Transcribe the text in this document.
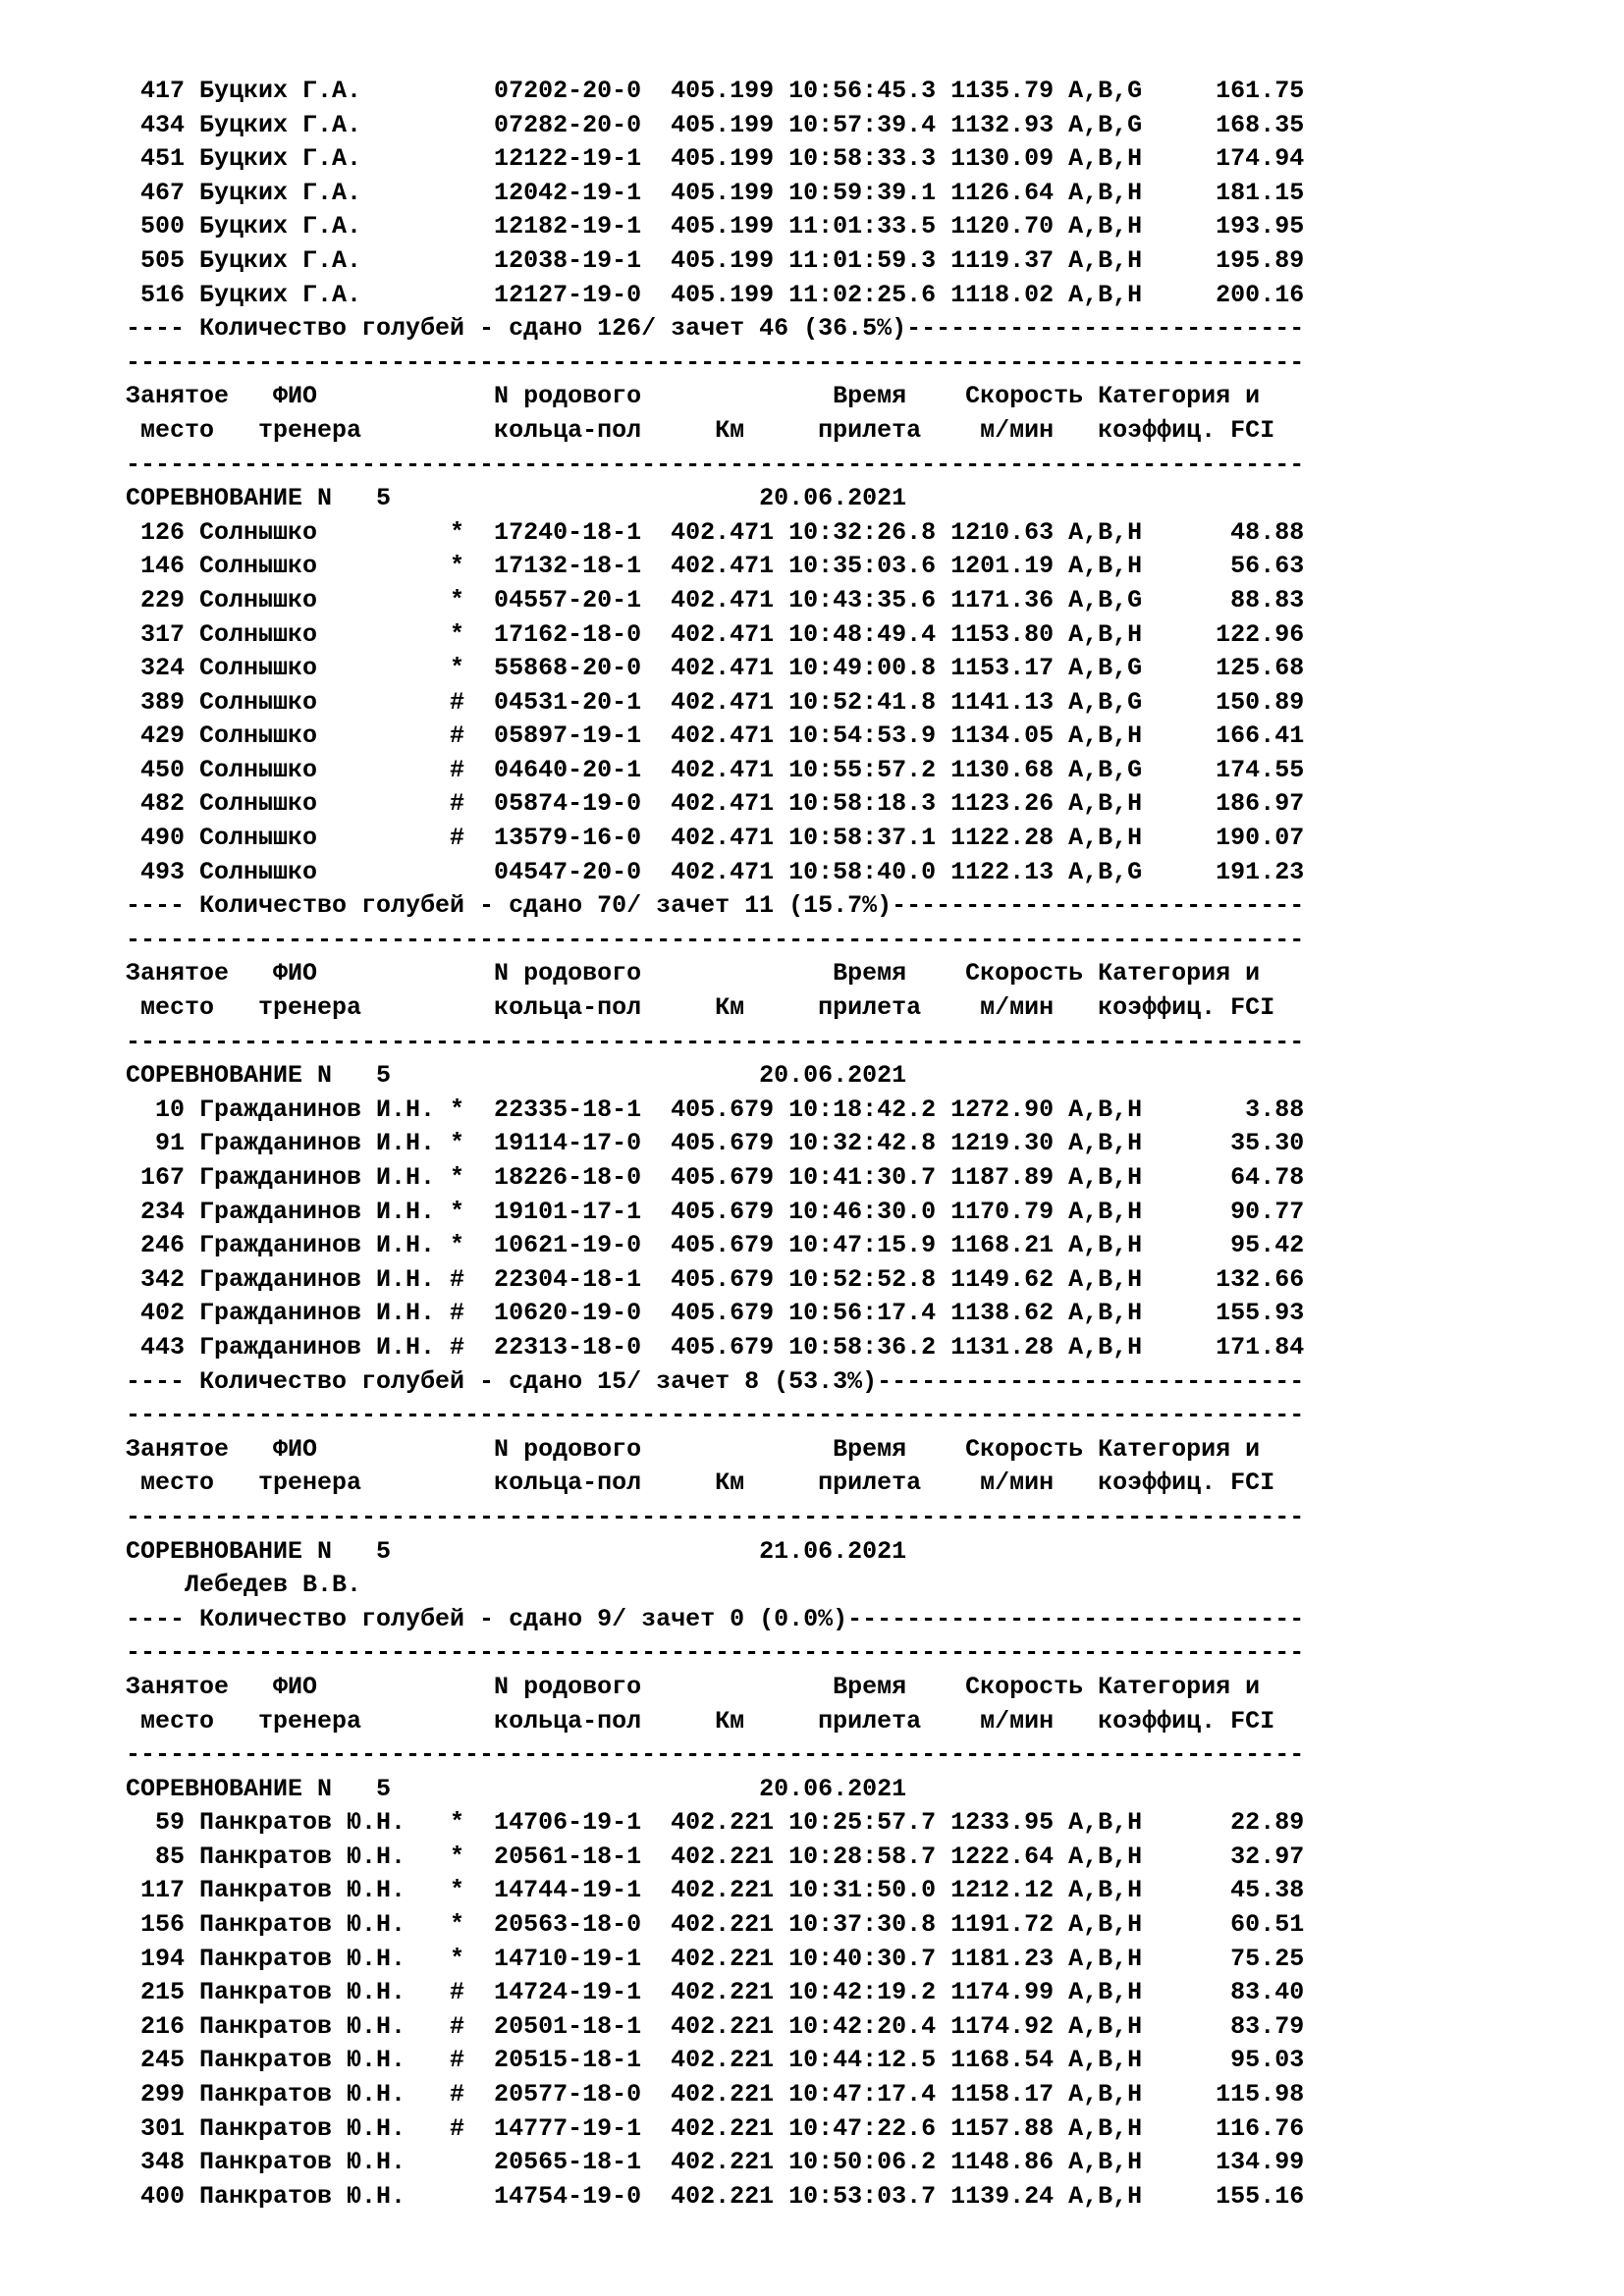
417 Буцких Г.А.         07202-20-0  405.199 10:56:45.3 1135.79 A,B,G     161.75
434 Буцких Г.А.         07282-20-0  405.199 10:57:39.4 1132.93 A,B,G     168.35
451 Буцких Г.А.         12122-19-1  405.199 10:58:33.3 1130.09 A,B,H     174.94
467 Буцких Г.А.         12042-19-1  405.199 10:59:39.1 1126.64 A,B,H     181.15
500 Буцких Г.А.         12182-19-1  405.199 11:01:33.5 1120.70 A,B,H     193.95
505 Буцких Г.А.         12038-19-1  405.199 11:01:59.3 1119.37 A,B,H     195.89
516 Буцких Г.А.         12127-19-0  405.199 11:02:25.6 1118.02 A,B,H     200.16
---- Количество голубей - сдано 126/ зачет 46 (36.5%)---------------------------
--------------------------------------------------------------------------------
Занятое   ФИО            N родового             Время    Скорость Категория и
место   тренера         кольца-пол     Км     прилета    м/мин   коэффиц. FCI
--------------------------------------------------------------------------------
СОРЕВНОВАНИЕ N   5                         20.06.2021
126 Солнышко         *  17240-18-1  402.471 10:32:26.8 1210.63 A,B,H      48.88
146 Солнышко         *  17132-18-1  402.471 10:35:03.6 1201.19 A,B,H      56.63
229 Солнышко         *  04557-20-1  402.471 10:43:35.6 1171.36 A,B,G      88.83
317 Солнышко         *  17162-18-0  402.471 10:48:49.4 1153.80 A,B,H     122.96
324 Солнышко         *  55868-20-0  402.471 10:49:00.8 1153.17 A,B,G     125.68
389 Солнышко         #  04531-20-1  402.471 10:52:41.8 1141.13 A,B,G     150.89
429 Солнышко         #  05897-19-1  402.471 10:54:53.9 1134.05 A,B,H     166.41
450 Солнышко         #  04640-20-1  402.471 10:55:57.2 1130.68 A,B,G     174.55
482 Солнышко         #  05874-19-0  402.471 10:58:18.3 1123.26 A,B,H     186.97
490 Солнышко         #  13579-16-0  402.471 10:58:37.1 1122.28 A,B,H     190.07
493 Солнышко            04547-20-0  402.471 10:58:40.0 1122.13 A,B,G     191.23
---- Количество голубей - сдано 70/ зачет 11 (15.7%)----------------------------
--------------------------------------------------------------------------------
Занятое   ФИО            N родового             Время    Скорость Категория и
место   тренера         кольца-пол     Км     прилета    м/мин   коэффиц. FCI
--------------------------------------------------------------------------------
СОРЕВНОВАНИЕ N   5                         20.06.2021
10 Гражданинов И.Н. *  22335-18-1  405.679 10:18:42.2 1272.90 A,B,H       3.88
91 Гражданинов И.Н. *  19114-17-0  405.679 10:32:42.8 1219.30 A,B,H      35.30
167 Гражданинов И.Н. *  18226-18-0  405.679 10:41:30.7 1187.89 A,B,H      64.78
234 Гражданинов И.Н. *  19101-17-1  405.679 10:46:30.0 1170.79 A,B,H      90.77
246 Гражданинов И.Н. *  10621-19-0  405.679 10:47:15.9 1168.21 A,B,H      95.42
342 Гражданинов И.Н. #  22304-18-1  405.679 10:52:52.8 1149.62 A,B,H     132.66
402 Гражданинов И.Н. #  10620-19-0  405.679 10:56:17.4 1138.62 A,B,H     155.93
443 Гражданинов И.Н. #  22313-18-0  405.679 10:58:36.2 1131.28 A,B,H     171.84
---- Количество голубей - сдано 15/ зачет 8 (53.3%)-----------------------------
--------------------------------------------------------------------------------
Занятое   ФИО            N родового             Время    Скорость Категория и
место   тренера         кольца-пол     Км     прилета    м/мин   коэффиц. FCI
--------------------------------------------------------------------------------
СОРЕВНОВАНИЕ N   5                         21.06.2021
Лебедев В.В.
---- Количество голубей - сдано 9/ зачет 0 (0.0%)-------------------------------
--------------------------------------------------------------------------------
Занятое   ФИО            N родового             Время    Скорость Категория и
место   тренера         кольца-пол     Км     прилета    м/мин   коэффиц. FCI
--------------------------------------------------------------------------------
СОРЕВНОВАНИЕ N   5                         20.06.2021
59 Панкратов Ю.Н.   *  14706-19-1  402.221 10:25:57.7 1233.95 A,B,H      22.89
85 Панкратов Ю.Н.   *  20561-18-1  402.221 10:28:58.7 1222.64 A,B,H      32.97
117 Панкратов Ю.Н.   *  14744-19-1  402.221 10:31:50.0 1212.12 A,B,H      45.38
156 Панкратов Ю.Н.   *  20563-18-0  402.221 10:37:30.8 1191.72 A,B,H      60.51
194 Панкратов Ю.Н.   *  14710-19-1  402.221 10:40:30.7 1181.23 A,B,H      75.25
215 Панкратов Ю.Н.   #  14724-19-1  402.221 10:42:19.2 1174.99 A,B,H      83.40
216 Панкратов Ю.Н.   #  20501-18-1  402.221 10:42:20.4 1174.92 A,B,H      83.79
245 Панкратов Ю.Н.   #  20515-18-1  402.221 10:44:12.5 1168.54 A,B,H      95.03
299 Панкратов Ю.Н.   #  20577-18-0  402.221 10:47:17.4 1158.17 A,B,H     115.98
301 Панкратов Ю.Н.   #  14777-19-1  402.221 10:47:22.6 1157.88 A,B,H     116.76
348 Панкратов Ю.Н.      20565-18-1  402.221 10:50:06.2 1148.86 A,B,H     134.99
400 Панкратов Ю.Н.      14754-19-0  402.221 10:53:03.7 1139.24 A,B,H     155.16
